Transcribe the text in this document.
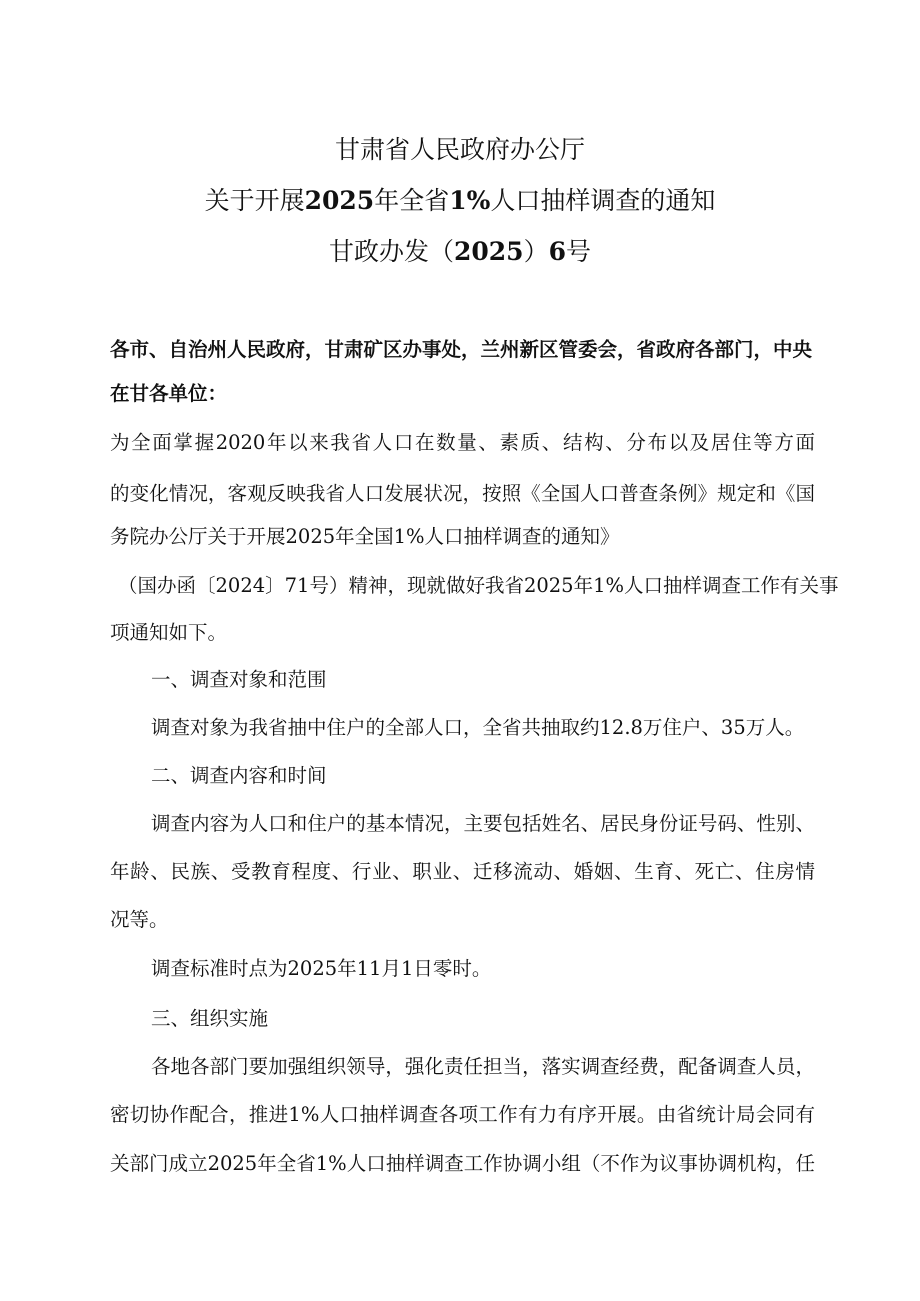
甘肃省人民政府办公厅
关于开展2025年全省1%人口抽样调查的通知
甘政办发（2025）6号

各市、自治州人民政府，甘肃矿区办事处，兰州新区管委会，省政府各部门，中央在甘各单位：

为全面掌握2020年以来我省人口在数量、素质、结构、分布以及居住等方面
的变化情况，客观反映我省人口发展状况，按照《全国人口普查条例》规定和《国
务院办公厅关于开展2025年全国1%人口抽样调查的通知》
（国办函〔2024〕71号）精神，现就做好我省2025年1%人口抽样调查工作有关事
项通知如下。
一、调查对象和范围
调查对象为我省抽中住户的全部人口，全省共抽取约12.8万住户、35万人。
二、调查内容和时间
调查内容为人口和住户的基本情况，主要包括姓名、居民身份证号码、性别、
年龄、民族、受教育程度、行业、职业、迁移流动、婚姻、生育、死亡、住房情
况等。
调查标准时点为2025年11月1日零时。
三、组织实施
各地各部门要加强组织领导，强化责任担当，落实调查经费，配备调查人员，
密切协作配合，推进1%人口抽样调查各项工作有力有序开展。由省统计局会同有
关部门成立2025年全省1%人口抽样调查工作协调小组（不作为议事协调机构，任
